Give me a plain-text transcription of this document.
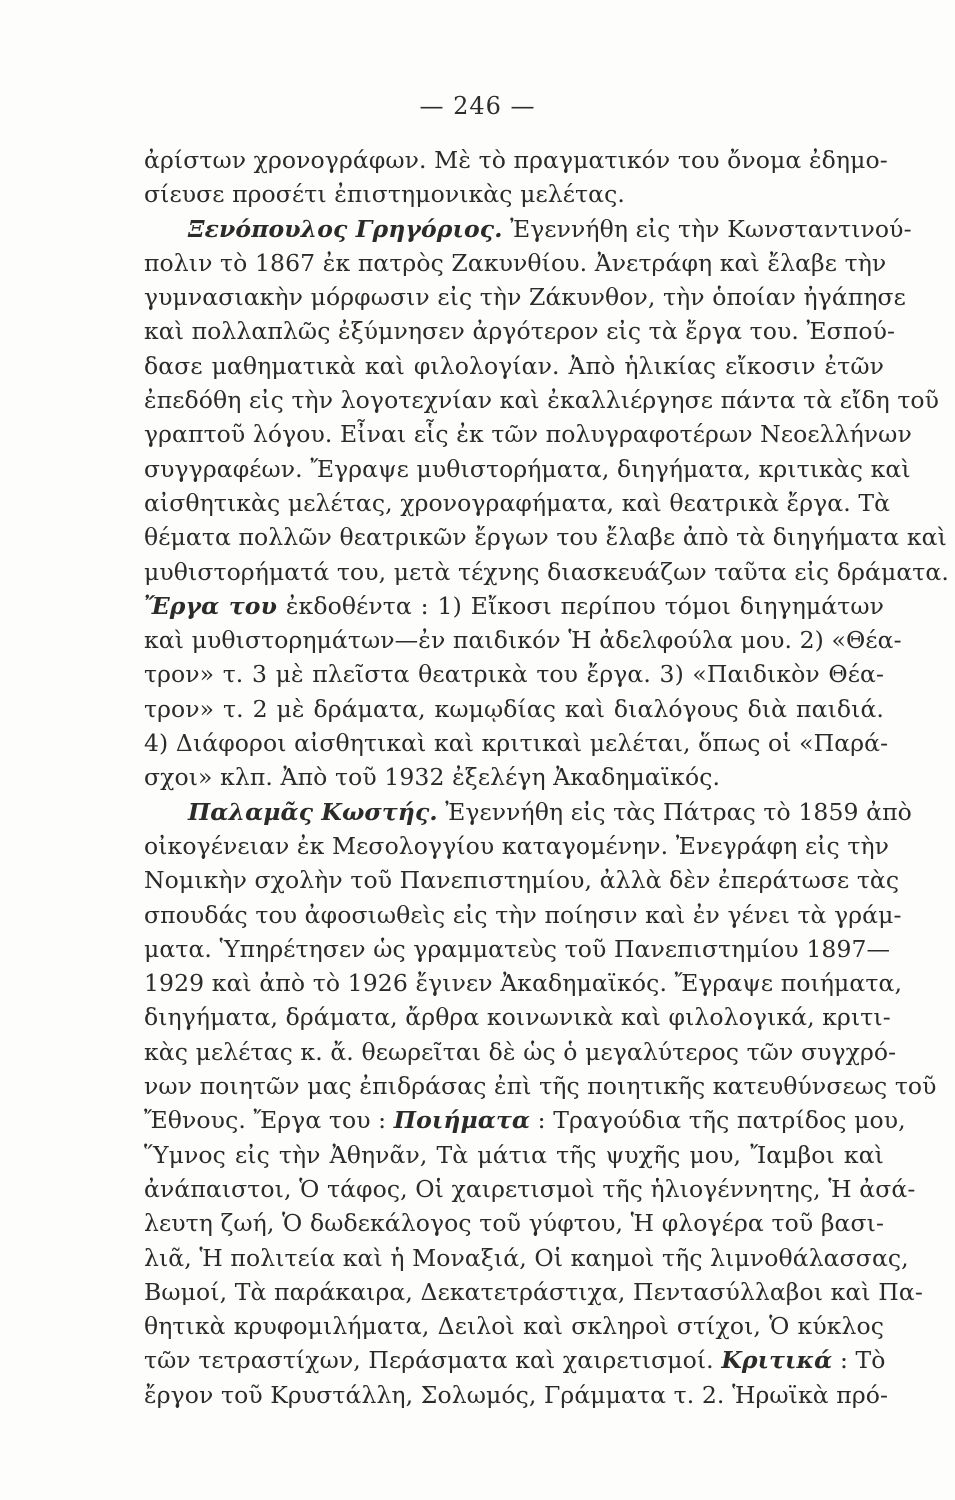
— 246 —
ἀρίστων χρονογράφων. Μὲ τὸ πραγματικόν του ὄνομα ἐδημο-
σίευσε προσέτι ἐπιστημονικὰς μελέτας.
Ξενόπουλος Γρηγόριος. Ἐγεννήθη εἰς τὴν Κωνσταντινού-
πολιν τὸ 1867 ἐκ πατρὸς Ζακυνθίου. Ἀνετράφη καὶ ἔλαβε τὴν
γυμνασιακὴν μόρφωσιν εἰς τὴν Ζάκυνθον, τὴν ὁποίαν ἠγάπησε
καὶ πολλαπλῶς ἐξύμνησεν ἀργότερον εἰς τὰ ἔργα του. Ἐσπού-
δασε μαθηματικὰ καὶ φιλολογίαν. Ἀπὸ ἡλικίας εἴκοσιν ἐτῶν
ἐπεδόθη εἰς τὴν λογοτεχνίαν καὶ ἐκαλλιέργησε πάντα τὰ εἴδη τοῦ
γραπτοῦ λόγου. Εἶναι εἷς ἐκ τῶν πολυγραφοτέρων Νεοελλήνων
συγγραφέων. Ἔγραψε μυθιστορήματα, διηγήματα, κριτικὰς καὶ
αἰσθητικὰς μελέτας, χρονογραφήματα, καὶ θεατρικὰ ἔργα. Τὰ
θέματα πολλῶν θεατρικῶν ἔργων του ἔλαβε ἀπὸ τὰ διηγήματα καὶ
μυθιστορήματά του, μετὰ τέχνης διασκευάζων ταῦτα εἰς δράματα.
Ἔργα του ἐκδοθέντα : 1) Εἴκοσι περίπου τόμοι διηγημάτων
καὶ μυθιστορημάτων—ἐν παιδικόν Ἡ ἀδελφούλα μου. 2) «Θέα-
τρον» τ. 3 μὲ πλεῖστα θεατρικὰ του ἔργα. 3) «Παιδικὸν Θέα-
τρον» τ. 2 μὲ δράματα, κωμῳδίας καὶ διαλόγους διὰ παιδιά.
4) Διάφοροι αἰσθητικαὶ καὶ κριτικαὶ μελέται, ὅπως οἱ «Παρά-
σχοι» κλπ. Ἀπὸ τοῦ 1932 ἐξελέγη Ἀκαδημαϊκός.
Παλαμᾶς Κωστής. Ἐγεννήθη εἰς τὰς Πάτρας τὸ 1859 ἀπὸ
οἰκογένειαν ἐκ Μεσολογγίου καταγομένην. Ἐνεγράφη εἰς τὴν
Νομικὴν σχολὴν τοῦ Πανεπιστημίου, ἀλλὰ δὲν ἐπεράτωσε τὰς
σπουδάς του ἀφοσιωθεὶς εἰς τὴν ποίησιν καὶ ἐν γένει τὰ γράμ-
ματα. Ὑπηρέτησεν ὡς γραμματεὺς τοῦ Πανεπιστημίου 1897—
1929 καὶ ἀπὸ τὸ 1926 ἔγινεν Ἀκαδημαϊκός. Ἔγραψε ποιήματα,
διηγήματα, δράματα, ἄρθρα κοινωνικὰ καὶ φιλολογικά, κριτι-
κὰς μελέτας κ. ἄ. θεωρεῖται δὲ ὡς ὁ μεγαλύτερος τῶν συγχρό-
νων ποιητῶν μας ἐπιδράσας ἐπὶ τῆς ποιητικῆς κατευθύνσεως τοῦ
Ἔθνους. Ἔργα του : Ποιήματα : Τραγούδια τῆς πατρίδος μου,
Ὕμνος εἰς τὴν Ἀθηνᾶν, Τὰ μάτια τῆς ψυχῆς μου, Ἴαμβοι καὶ
ἀνάπαιστοι, Ὁ τάφος, Οἱ χαιρετισμοὶ τῆς ἡλιογέννητης, Ἡ ἀσά-
λευτη ζωή, Ὁ δωδεκάλογος τοῦ γύφτου, Ἡ φλογέρα τοῦ βασι-
λιᾶ, Ἡ πολιτεία καὶ ἡ Μοναξιά, Οἱ καημοὶ τῆς λιμνοθάλασσας,
Βωμοί, Τὰ παράκαιρα, Δεκατετράστιχα, Πεντασύλλαβοι καὶ Πα-
θητικὰ κρυφομιλήματα, Δειλοὶ καὶ σκληροὶ στίχοι, Ὁ κύκλος
τῶν τετραστίχων, Περάσματα καὶ χαιρετισμοί. Κριτικά : Τὸ
ἔργον τοῦ Κρυστάλλη, Σολωμός, Γράμματα τ. 2. Ἡρωϊκὰ πρό-
